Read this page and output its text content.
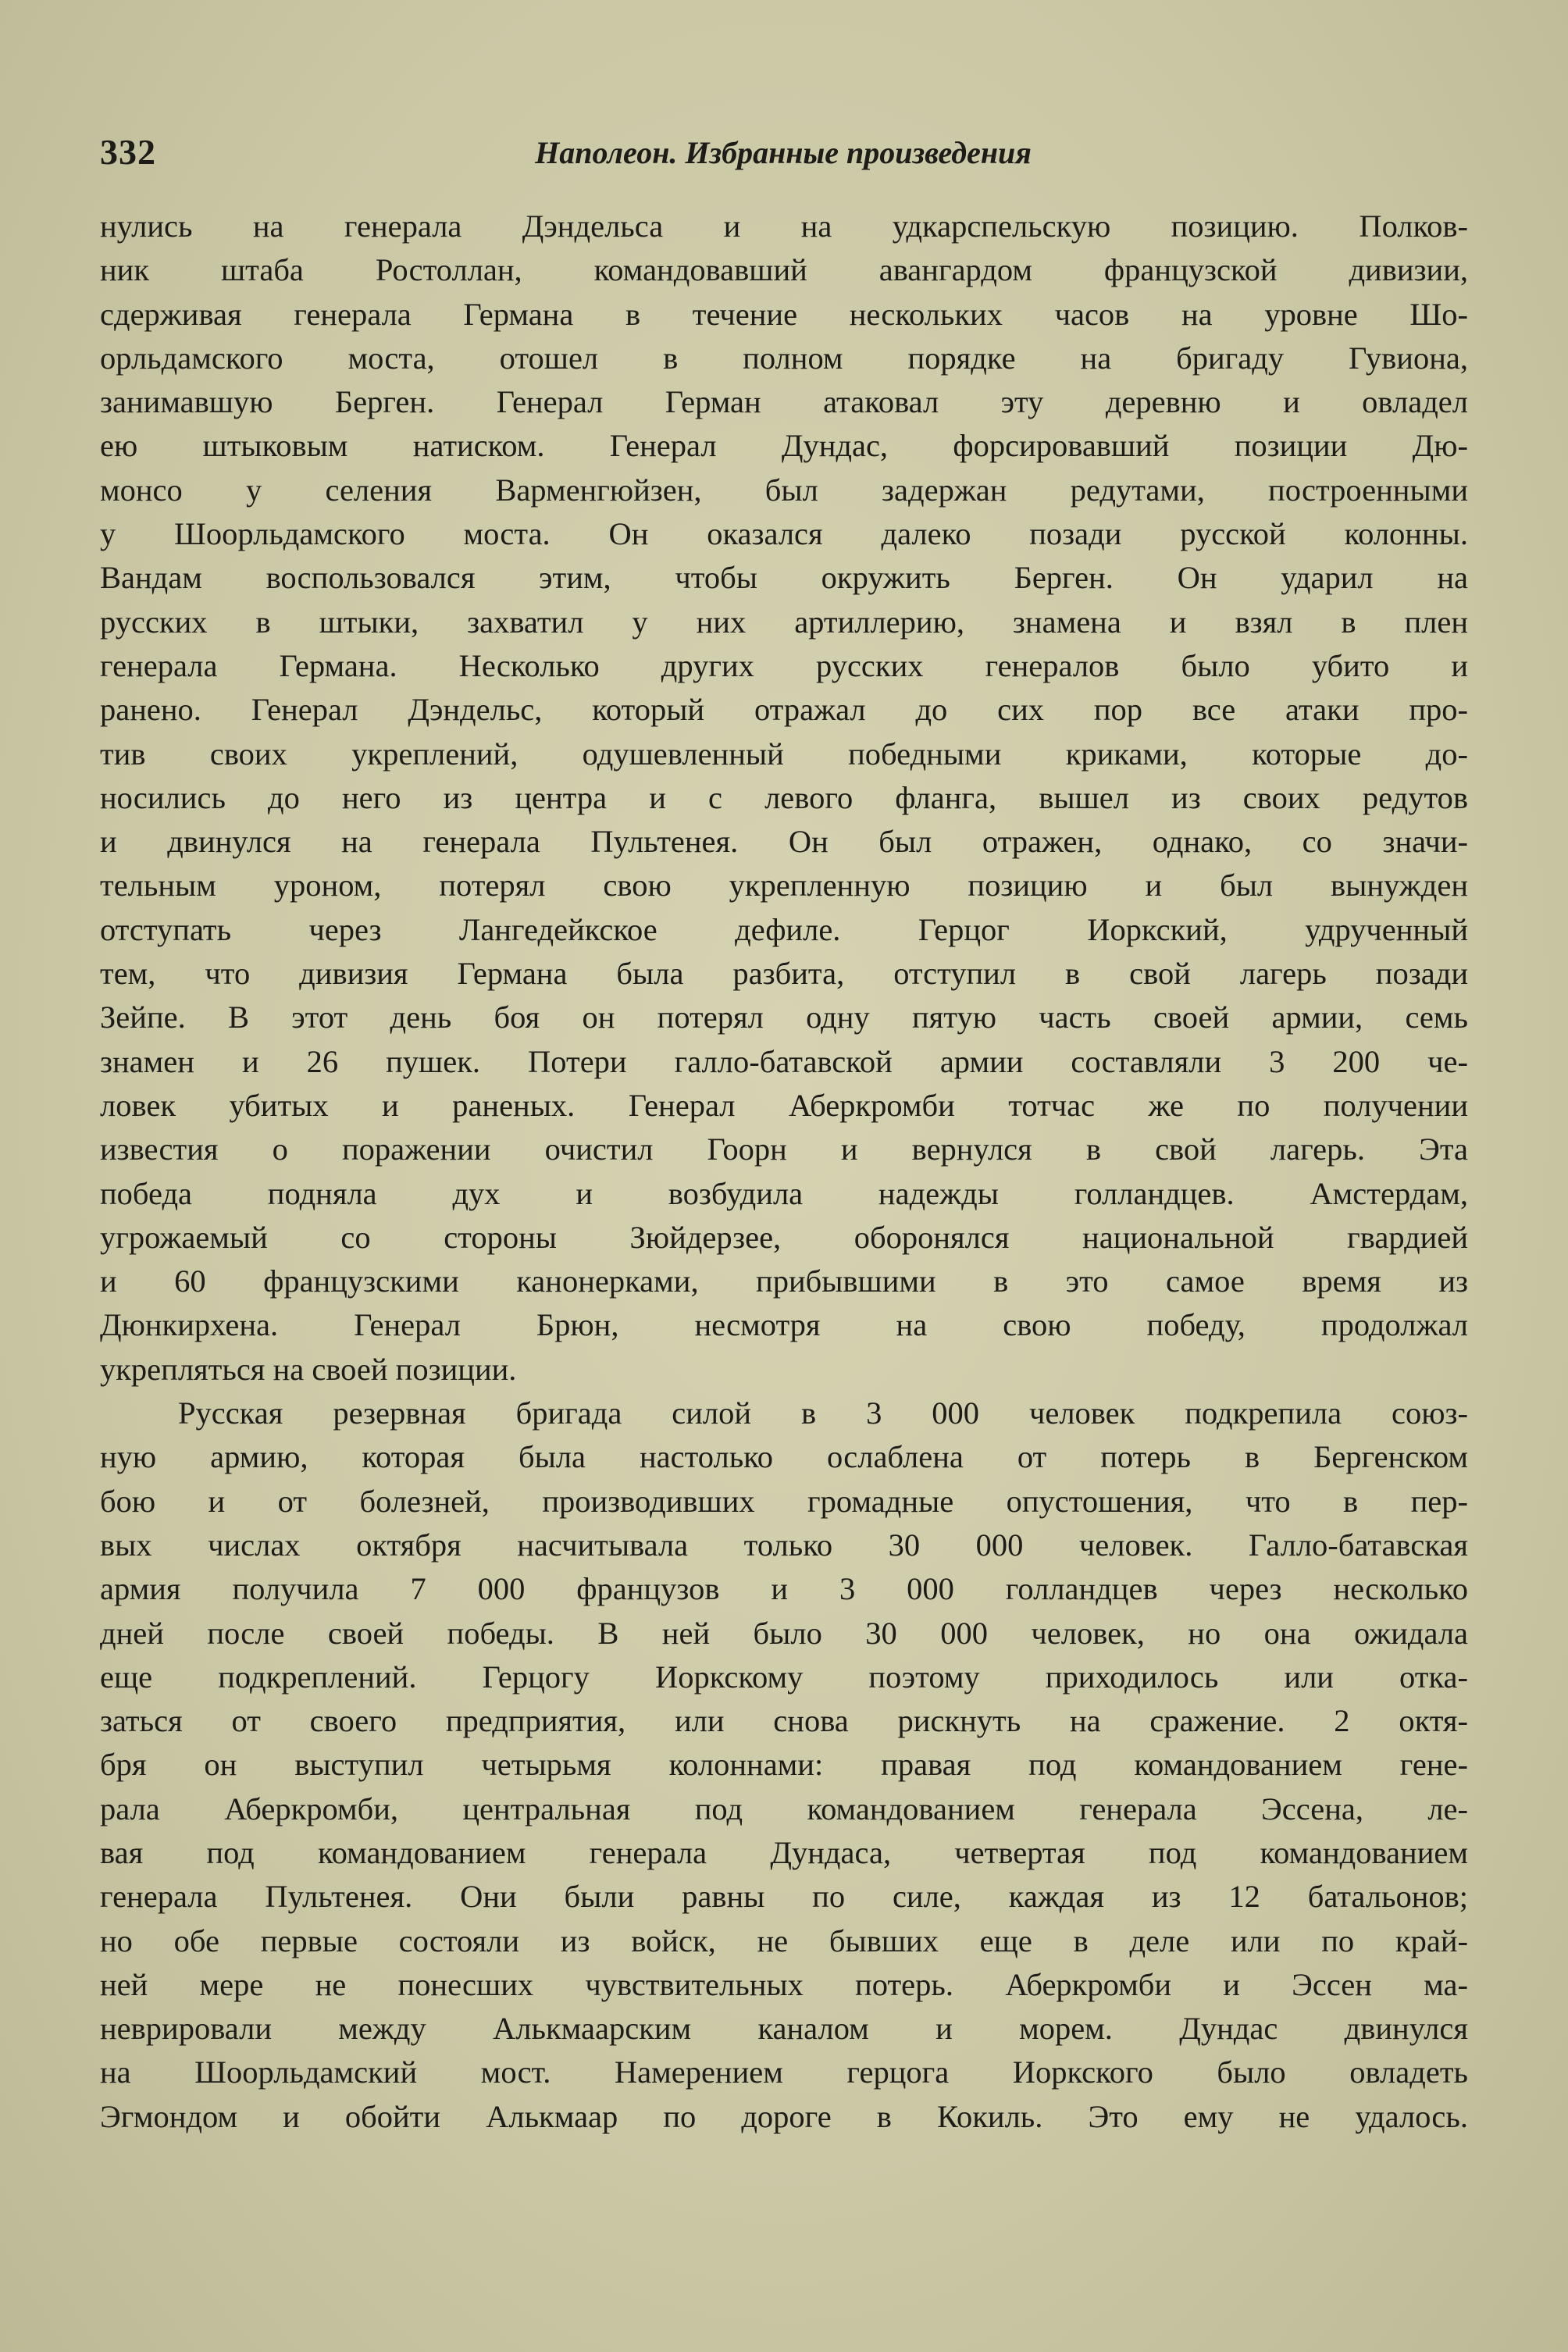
332	Наполеон. Избранные произведения
нулись на генерала Дэндельса и на удкарспельскую позицию. Полков-
ник штаба Ростоллан, командовавший авангардом французской дивизии,
сдерживая генерала Германа в течение нескольких часов на уровне Шо-
орльдамского моста, отошел в полном порядке на бригаду Гувиона,
занимавшую Берген. Генерал Герман атаковал эту деревню и овладел
ею штыковым натиском. Генерал Дундас, форсировавший позиции Дю-
монсо у селения Варменгюйзен, был задержан редутами, построенными
у Шоорльдамского моста. Он оказался далеко позади русской колонны.
Вандам воспользовался этим, чтобы окружить Берген. Он ударил на
русских в штыки, захватил у них артиллерию, знамена и взял в плен
генерала Германа. Несколько других русских генералов было убито и
ранено. Генерал Дэндельс, который отражал до сих пор все атаки про-
тив своих укреплений, одушевленный победными криками, которые до-
носились до него из центра и с левого фланга, вышел из своих редутов
и двинулся на генерала Пультенея. Он был отражен, однако, со значи-
тельным уроном, потерял свою укрепленную позицию и был вынужден
отступать через Лангедейкское дефиле. Герцог Иоркский, удрученный
тем, что дивизия Германа была разбита, отступил в свой лагерь позади
Зейпе. В этот день боя он потерял одну пятую часть своей армии, семь
знамен и 26 пушек. Потери галло-батавской армии составляли 3 200 че-
ловек убитых и раненых. Генерал Аберкромби тотчас же по получении
известия о поражении очистил Гоорн и вернулся в свой лагерь. Эта
победа подняла дух и возбудила надежды голландцев. Амстердам,
угрожаемый со стороны Зюйдерзее, оборонялся национальной гвардией
и 60 французскими канонерками, прибывшими в это самое время из
Дюнкирхена. Генерал Брюн, несмотря на свою победу, продолжал
укрепляться на своей позиции.
Русская резервная бригада силой в 3 000 человек подкрепила союз-
ную армию, которая была настолько ослаблена от потерь в Бергенском
бою и от болезней, производивших громадные опустошения, что в пер-
вых числах октября насчитывала только 30 000 человек. Галло-батавская
армия получила 7 000 французов и 3 000 голландцев через несколько
дней после своей победы. В ней было 30 000 человек, но она ожидала
еще подкреплений. Герцогу Иоркскому поэтому приходилось или отка-
заться от своего предприятия, или снова рискнуть на сражение. 2 октя-
бря он выступил четырьмя колоннами: правая под командованием гене-
рала Аберкромби, центральная под командованием генерала Эссена, ле-
вая под командованием генерала Дундаса, четвертая под командованием
генерала Пультенея. Они были равны по силе, каждая из 12 батальонов;
но обе первые состояли из войск, не бывших еще в деле или по край-
ней мере не понесших чувствительных потерь. Аберкромби и Эссен ма-
неврировали между Алькмаарским каналом и морем. Дундас двинулся
на Шоорльдамский мост. Намерением герцога Иоркского было овладеть
Эгмондом и обойти Алькмаар по дороге в Кокиль. Это ему не удалось.
